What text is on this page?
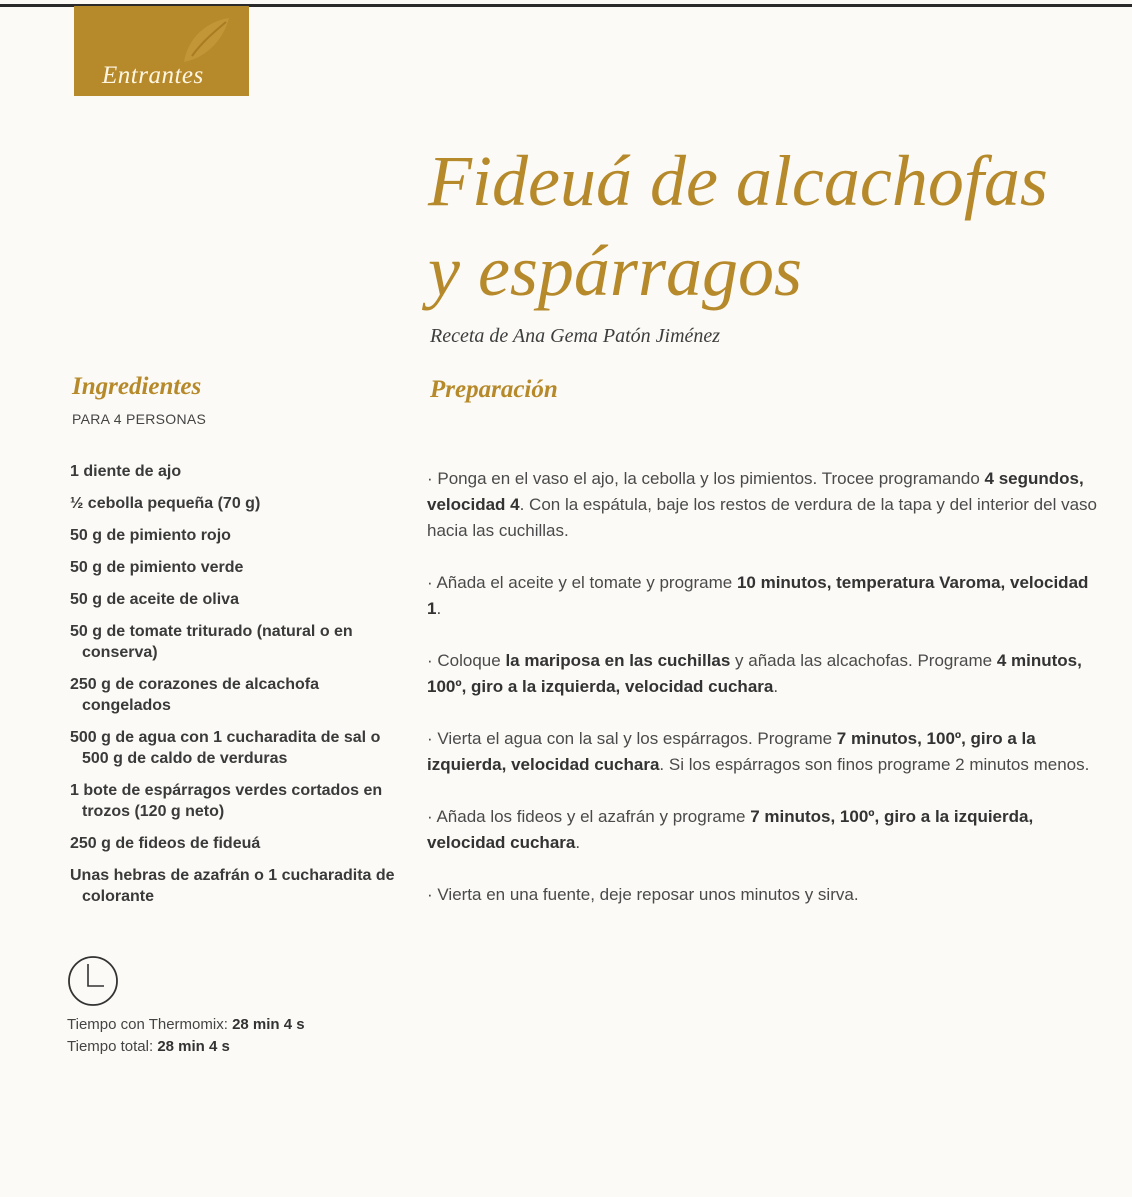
Entrantes
Fideuá de alcachofas
y espárragos
Receta de Ana Gema Patón Jiménez
Ingredientes
PARA 4 PERSONAS
1 diente de ajo
½ cebolla pequeña (70 g)
50 g de pimiento rojo
50 g de pimiento verde
50 g de aceite de oliva
50 g de tomate triturado (natural o en conserva)
250 g de corazones de alcachofa congelados
500 g de agua con 1 cucharadita de sal o 500 g de caldo de verduras
1 bote de espárragos verdes cortados en trozos (120 g neto)
250 g de fideos de fideuá
Unas hebras de azafrán o 1 cucharadita de colorante
Tiempo con Thermomix: 28 min 4 s
Tiempo total: 28 min 4 s
Preparación

· Ponga en el vaso el ajo, la cebolla y los pimientos. Trocee programando 4 segundos, velocidad 4. Con la espátula, baje los restos de verdura de la tapa y del interior del vaso hacia las cuchillas.

· Añada el aceite y el tomate y programe 10 minutos, temperatura Varoma, velocidad 1.

· Coloque la mariposa en las cuchillas y añada las alcachofas. Programe 4 minutos, 100º, giro a la izquierda, velocidad cuchara.

· Vierta el agua con la sal y los espárragos. Programe 7 minutos, 100º, giro a la izquierda, velocidad cuchara. Si los espárragos son finos programe 2 minutos menos.

· Añada los fideos y el azafrán y programe 7 minutos, 100º, giro a la izquierda, velocidad cuchara.

· Vierta en una fuente, deje reposar unos minutos y sirva.
